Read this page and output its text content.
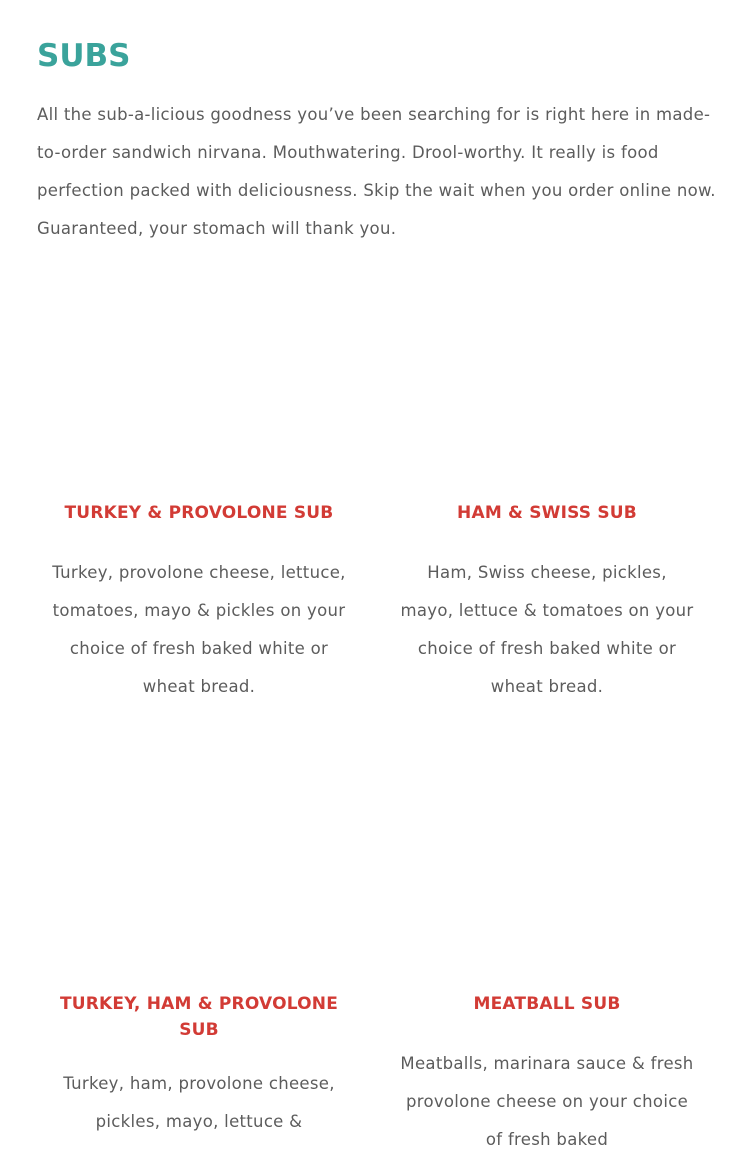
SUBS

All the sub-a-licious goodness you’ve been searching for is right here in made-to-order sandwich nirvana. Mouthwatering. Drool-worthy. It really is food perfection packed with deliciousness. Skip the wait when you order online now. Guaranteed, your stomach will thank you.

TURKEY & PROVOLONE SUB

Turkey, provolone cheese, lettuce, tomatoes, mayo & pickles on your choice of fresh baked white or wheat bread.

HAM & SWISS SUB

Ham, Swiss cheese, pickles, mayo, lettuce & tomatoes on your choice of fresh baked white or wheat bread.

TURKEY, HAM & PROVOLONE SUB

Turkey, ham, provolone cheese, pickles, mayo, lettuce &

MEATBALL SUB

Meatballs, marinara sauce & fresh provolone cheese on your choice of fresh baked
